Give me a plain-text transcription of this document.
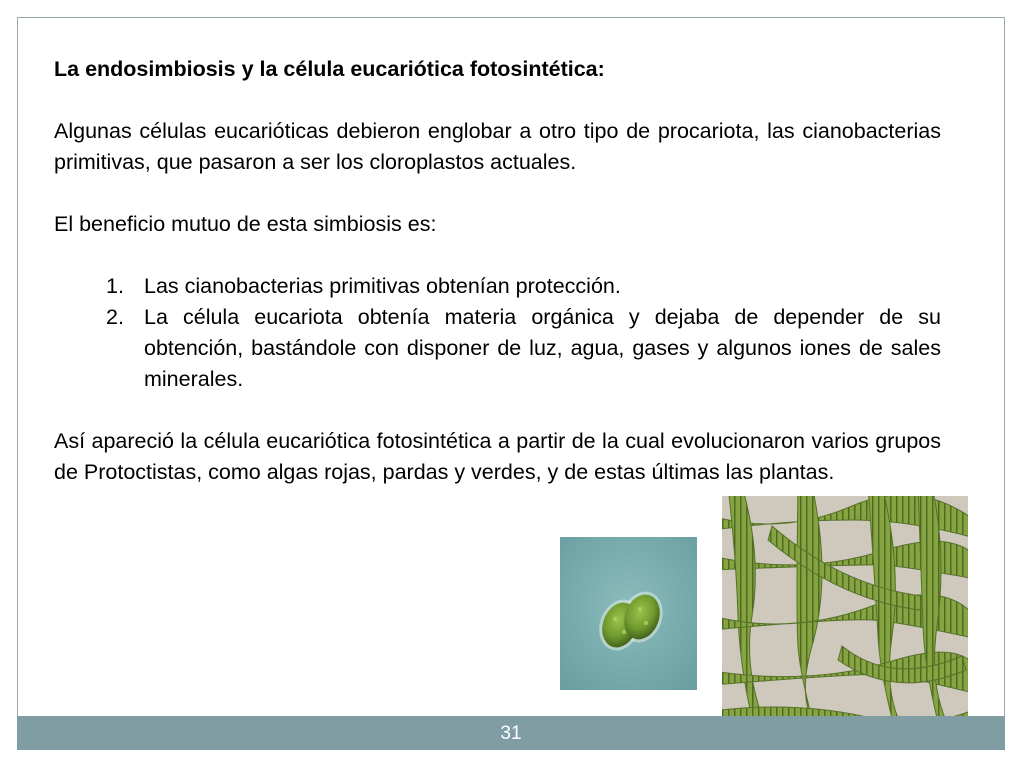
La endosimbiosis y la célula eucariótica fotosintética:

Algunas células eucarióticas debieron englobar a otro tipo de procariota, las cianobacterias primitivas, que pasaron a ser los cloroplastos actuales.

El beneficio mutuo de esta simbiosis es:

1. Las cianobacterias primitivas obtenían protección.
2. La célula eucariota obtenía materia orgánica y dejaba de depender de su obtención, bastándole con disponer de luz, agua, gases y algunos iones de sales minerales.

Así apareció la célula eucariótica fotosintética a partir de la cual evolucionaron varios grupos de Protoctistas, como algas rojas, pardas y verdes, y de estas últimas las plantas.

31
